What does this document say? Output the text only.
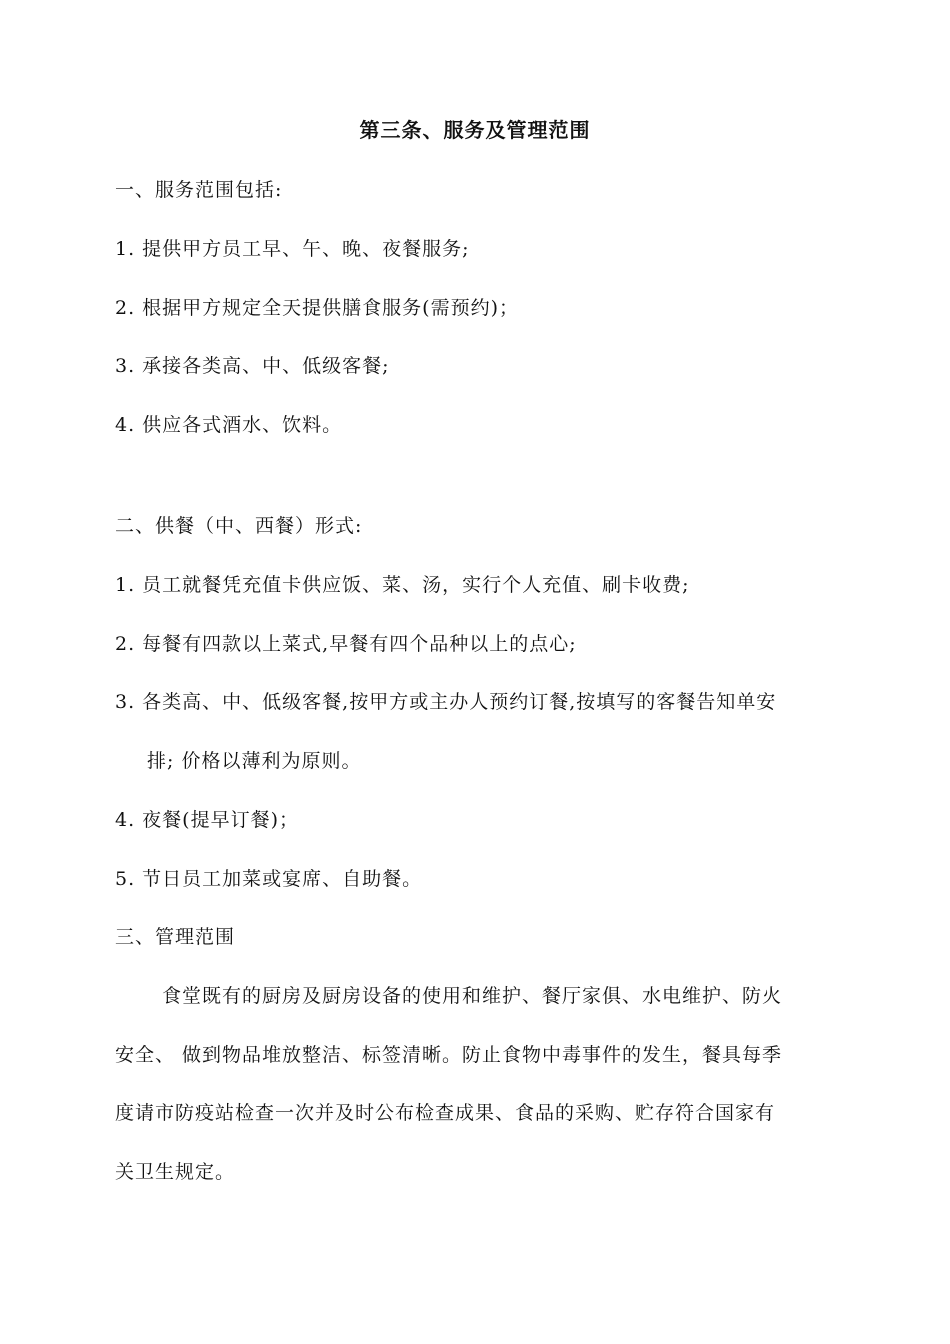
第三条、服务及管理范围
一、服务范围包括:
1. 提供甲方员工早、午、晚、夜餐服务;
2. 根据甲方规定全天提供膳食服务(需预约)；
3. 承接各类高、中、低级客餐;
4. 供应各式酒水、饮料。
二、供餐（中、西餐）形式:
1. 员工就餐凭充值卡供应饭、菜、汤，实行个人充值、刷卡收费;
2. 每餐有四款以上菜式,早餐有四个品种以上的点心;
3. 各类高、中、低级客餐,按甲方或主办人预约订餐,按填写的客餐告知单安
排; 价格以薄利为原则。
4. 夜餐(提早订餐)；
5. 节日员工加菜或宴席、自助餐。
三、管理范围
食堂既有的厨房及厨房设备的使用和维护、餐厅家俱、水电维护、防火
安全、 做到物品堆放整洁、标签清晰。防止食物中毒事件的发生，餐具每季
度请市防疫站检查一次并及时公布检查成果、食品的采购、贮存符合国家有
关卫生规定。
